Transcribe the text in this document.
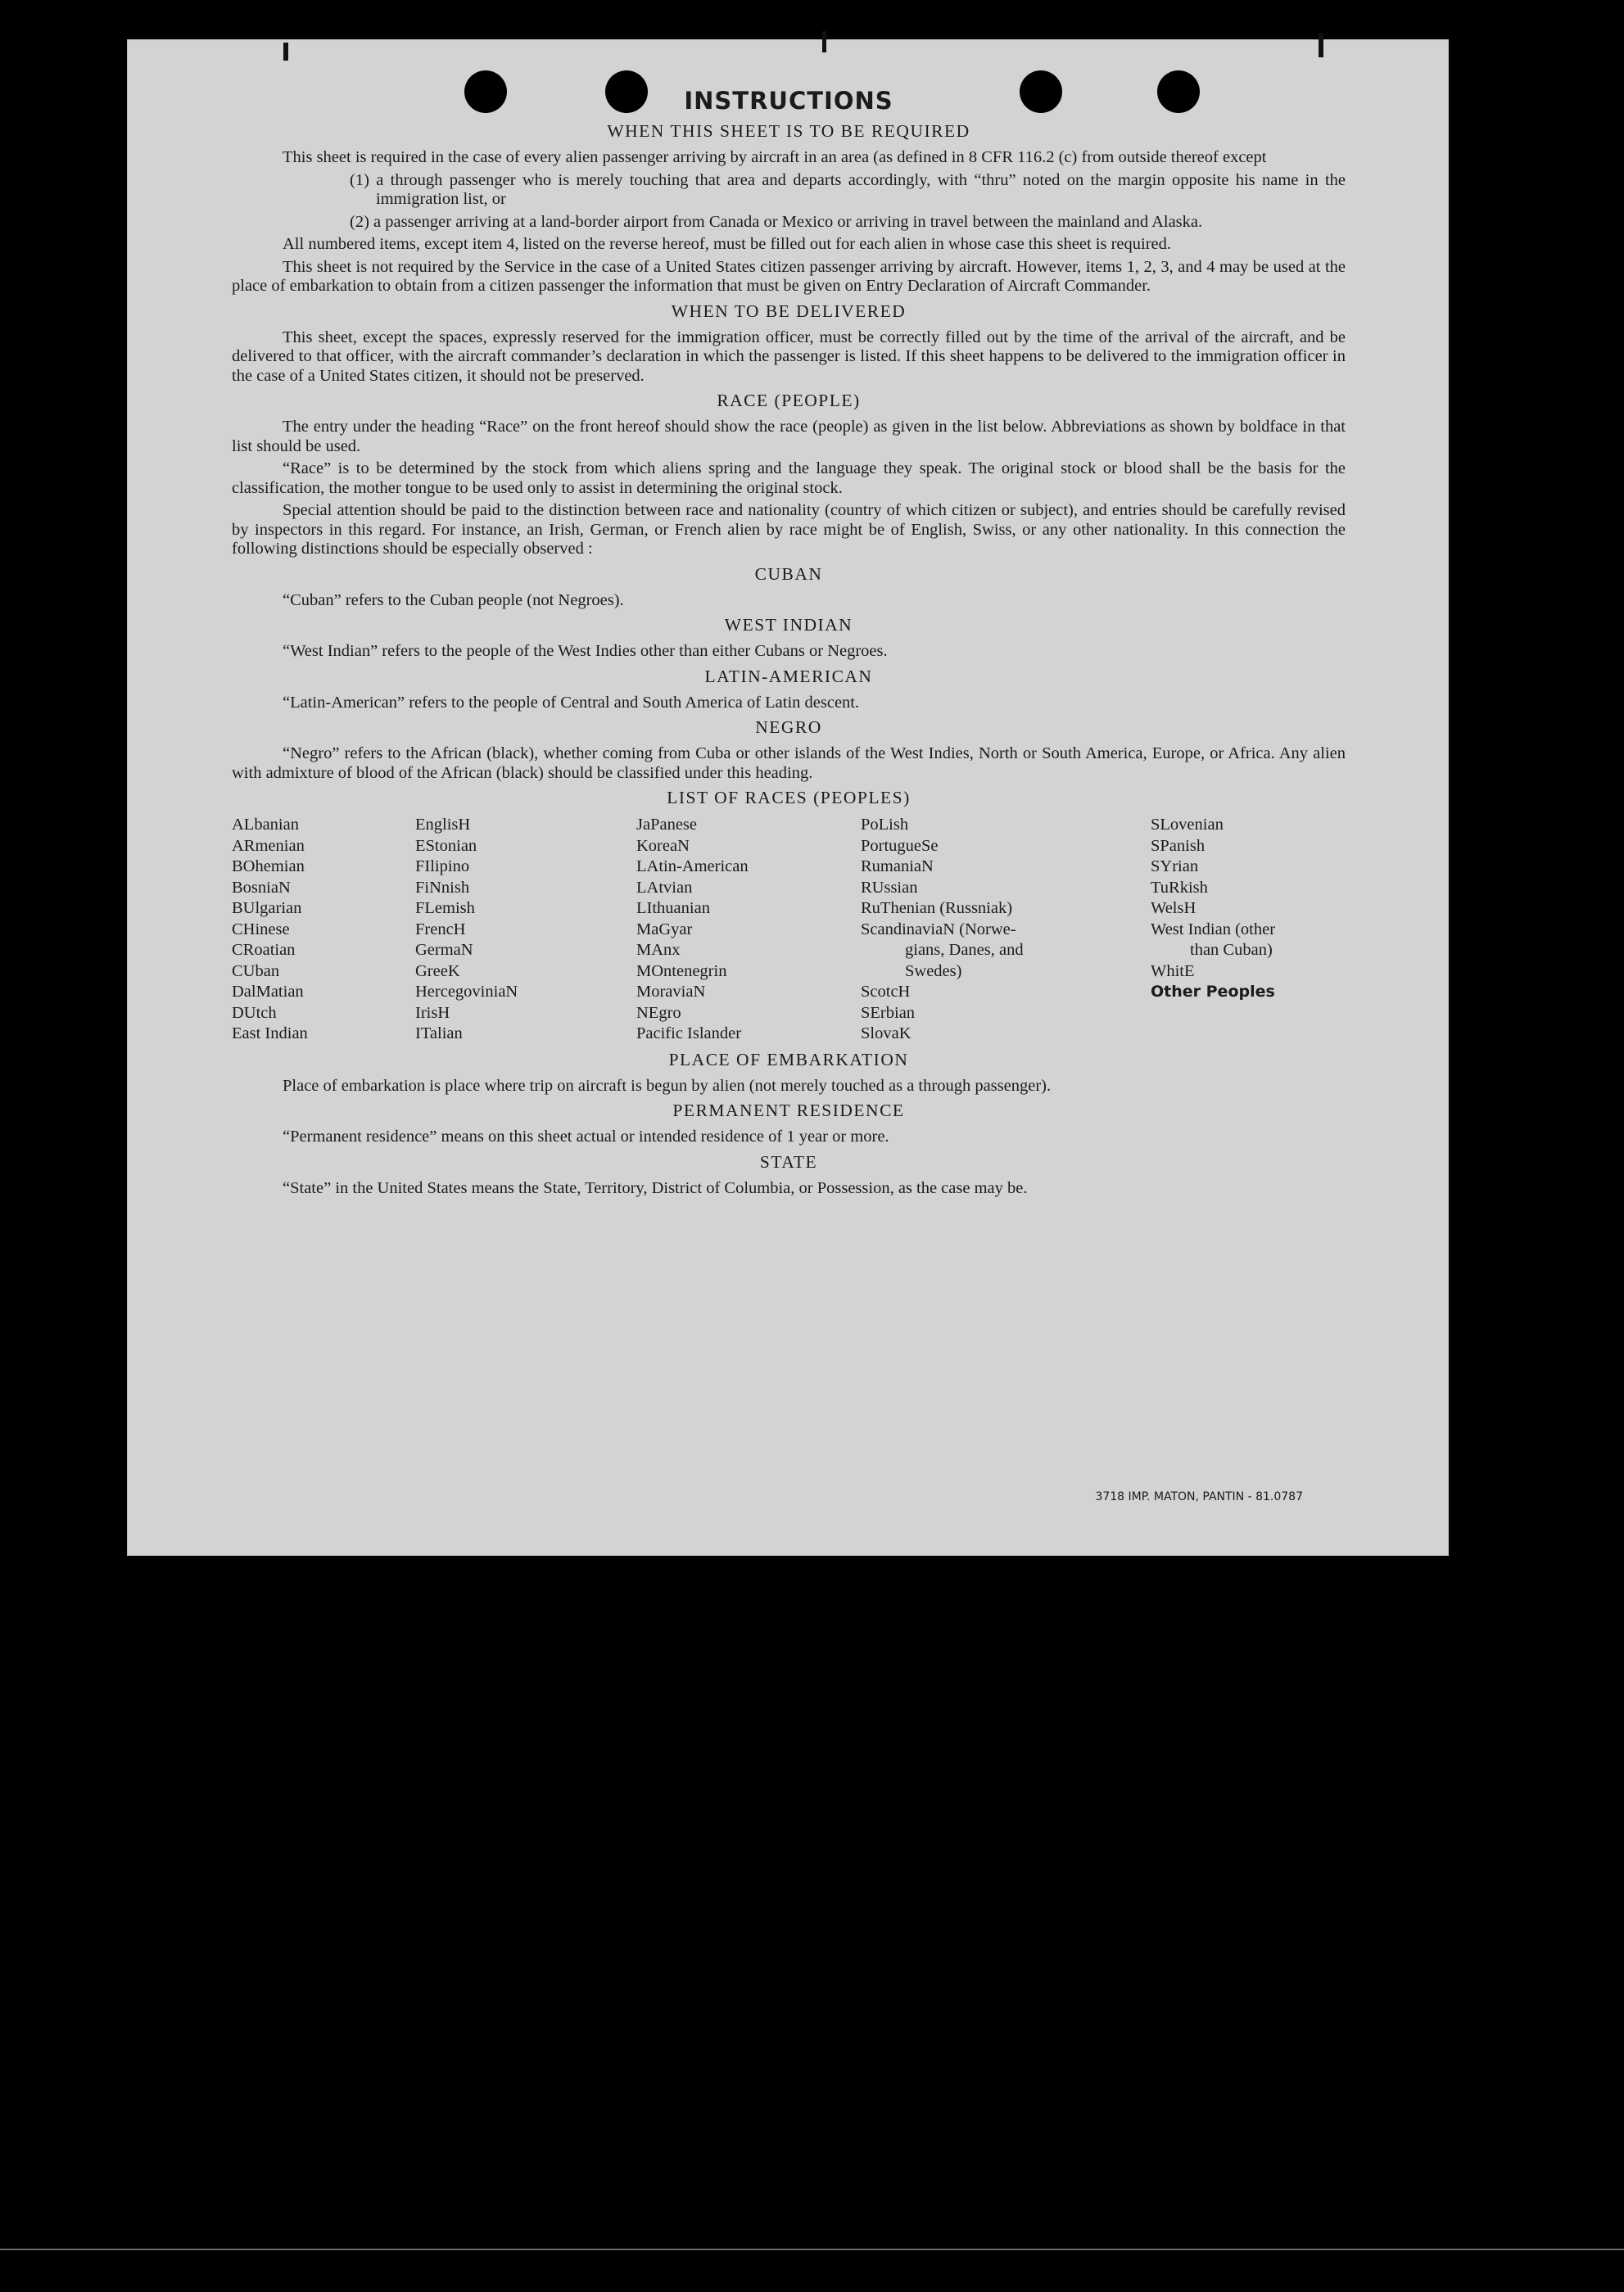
INSTRUCTIONS
WHEN THIS SHEET IS TO BE REQUIRED

This sheet is required in the case of every alien passenger arriving by aircraft in an area (as defined in 8 CFR 116.2 (c) from outside thereof except

(1) a through passenger who is merely touching that area and departs accordingly, with “thru” noted on the margin opposite his name in the immigration list, or

(2) a passenger arriving at a land-border airport from Canada or Mexico or arriving in travel between the mainland and Alaska.

All numbered items, except item 4, listed on the reverse hereof, must be filled out for each alien in whose case this sheet is required.

This sheet is not required by the Service in the case of a United States citizen passenger arriving by aircraft. However, items 1, 2, 3, and 4 may be used at the place of embarkation to obtain from a citizen passenger the information that must be given on Entry Declaration of Aircraft Commander.

WHEN TO BE DELIVERED

This sheet, except the spaces, expressly reserved for the immigration officer, must be correctly filled out by the time of the arrival of the aircraft, and be delivered to that officer, with the aircraft commander’s declaration in which the passenger is listed. If this sheet happens to be delivered to the immigration officer in the case of a United States citizen, it should not be preserved.

RACE (PEOPLE)

The entry under the heading “Race” on the front hereof should show the race (people) as given in the list below. Abbreviations as shown by boldface in that list should be used.

“Race” is to be determined by the stock from which aliens spring and the language they speak. The original stock or blood shall be the basis for the classification, the mother tongue to be used only to assist in determining the original stock.

Special attention should be paid to the distinction between race and nationality (country of which citizen or subject), and entries should be carefully revised by inspectors in this regard. For instance, an Irish, German, or French alien by race might be of English, Swiss, or any other nationality. In this connection the following distinctions should be especially observed :

CUBAN

“Cuban” refers to the Cuban people (not Negroes).

WEST INDIAN

“West Indian” refers to the people of the West Indies other than either Cubans or Negroes.

LATIN-AMERICAN

“Latin-American” refers to the people of Central and South America of Latin descent.

NEGRO

“Negro” refers to the African (black), whether coming from Cuba or other islands of the West Indies, North or South America, Europe, or Africa. Any alien with admixture of blood of the African (black) should be classified under this heading.

LIST OF RACES (PEOPLES)
ALbanian
ARmenian
BOhemian
BosniaN
BUlgarian
CHinese
CRoatian
CUban
DalMatian
DUtch
East Indian
EnglisH
EStonian
FIlipino
FiNnish
FLemish
FrencH
GermaN
GreeK
HercegoviniaN
IrisH
ITalian
JaPanese
KoreaN
LAtin-American
LAtvian
LIthuanian
MaGyar
MAnx
MOntenegrin
MoraviaN
NEgro
Pacific Islander
PoLish
PortugueSe
RumaniaN
RUssian
RuThenian (Russniak)
ScandinaviaN (Norwe-
gians, Danes, and
Swedes)
ScotcH
SErbian
SlovaK
SLovenian
SPanish
SYrian
TuRkish
WelsH
West Indian (other
than Cuban)
WhitE
Other Peoples
PLACE OF EMBARKATION

Place of embarkation is place where trip on aircraft is begun by alien (not merely touched as a through passenger).

PERMANENT RESIDENCE

“Permanent residence” means on this sheet actual or intended residence of 1 year or more.

STATE

“State” in the United States means the State, Territory, District of Columbia, or Possession, as the case may be.

3718 IMP. MATON, PANTIN - 81.0787
